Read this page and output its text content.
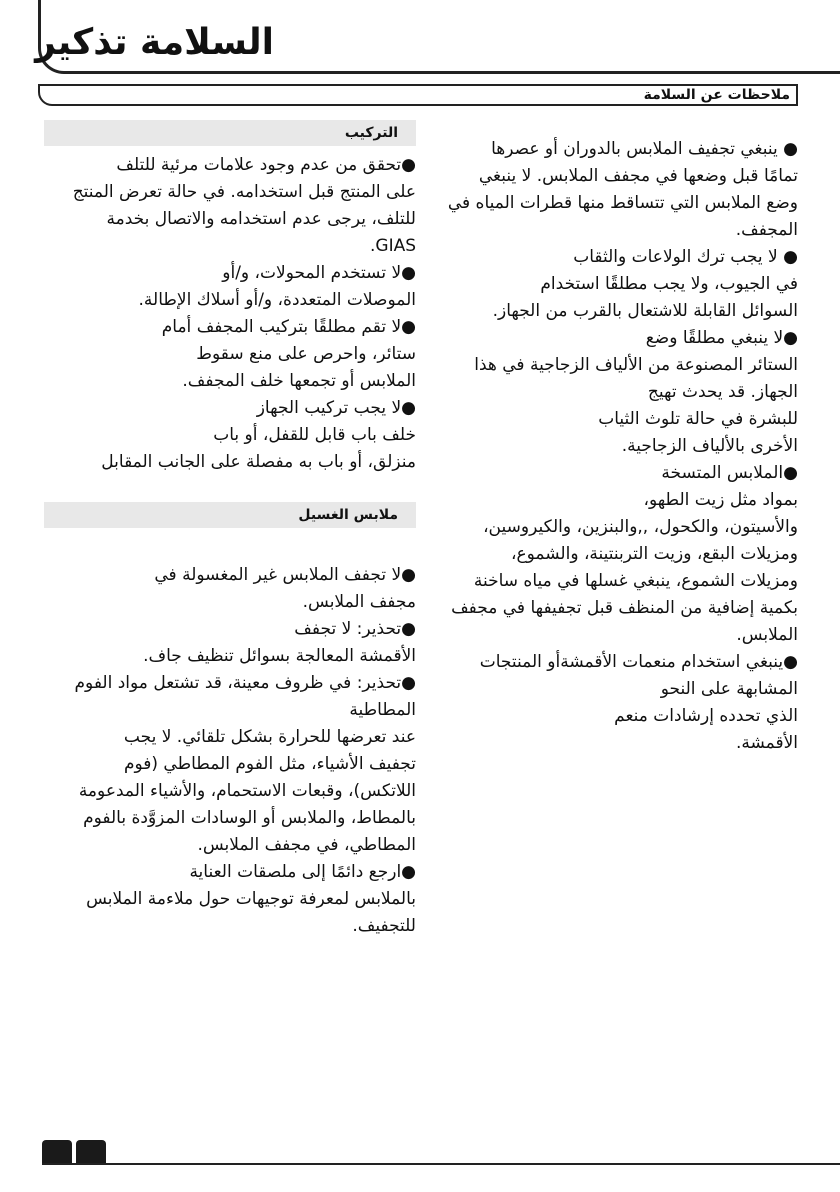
السلامة تذكير
ملاحظات عن السلامة
التركيب

●تحقق من عدم وجود علامات مرئية للتلف
على المنتج قبل استخدامه. في حالة تعرض المنتج
للتلف، يرجى عدم استخدامه والاتصال بخدمة
GIAS.

●لا تستخدم المحولات، و/أو
الموصلات المتعددة، و/أو أسلاك الإطالة.

●لا تقم مطلقًا بتركيب المجفف أمام
ستائر، واحرص على منع سقوط
الملابس أو تجمعها خلف المجفف.

●لا يجب تركيب الجهاز
خلف باب قابل للقفل، أو باب
منزلق، أو باب به مفصلة على الجانب المقابل

ملابس الغسيل

●لا تجفف الملابس غير المغسولة في
مجفف الملابس.

●تحذير: لا تجفف
الأقمشة المعالجة بسوائل تنظيف جاف.

●تحذير: في ظروف معينة، قد تشتعل مواد الفوم
المطاطية
عند تعرضها للحرارة بشكل تلقائي. لا يجب
تجفيف الأشياء، مثل الفوم المطاطي (فوم
اللاتكس)، وقبعات الاستحمام، والأشياء المدعومة
بالمطاط، والملابس أو الوسادات المزوَّدة بالفوم
المطاطي، في مجفف الملابس.

●ارجع دائمًا إلى ملصقات العناية
بالملابس لمعرفة توجيهات حول ملاءمة الملابس
للتجفيف.

● ينبغي تجفيف الملابس بالدوران أو عصرها
تمامًا قبل وضعها في مجفف الملابس. لا ينبغي
وضع الملابس التي تتساقط منها قطرات المياه في
المجفف.

● لا يجب ترك الولاعات والثقاب
في الجيوب، ولا يجب مطلقًا استخدام
السوائل القابلة للاشتعال بالقرب من الجهاز.

●لا ينبغي مطلقًا وضع
الستائر المصنوعة من الألياف الزجاجية في هذا
الجهاز. قد يحدث تهيج
للبشرة في حالة تلوث الثياب
الأخرى بالألياف الزجاجية.

●الملابس المتسخة
بمواد مثل زيت الطهو،
والأسيتون، والكحول، ,,والبنزين، والكيروسين،
ومزيلات البقع، وزيت التربنتينة، والشموع،
ومزيلات الشموع، ينبغي غسلها في مياه ساخنة
بكمية إضافية من المنظف قبل تجفيفها في مجفف
الملابس.

●ينبغي استخدام منعمات الأقمشةأو المنتجات
المشابهة على النحو
الذي تحدده إرشادات منعم
الأقمشة.
